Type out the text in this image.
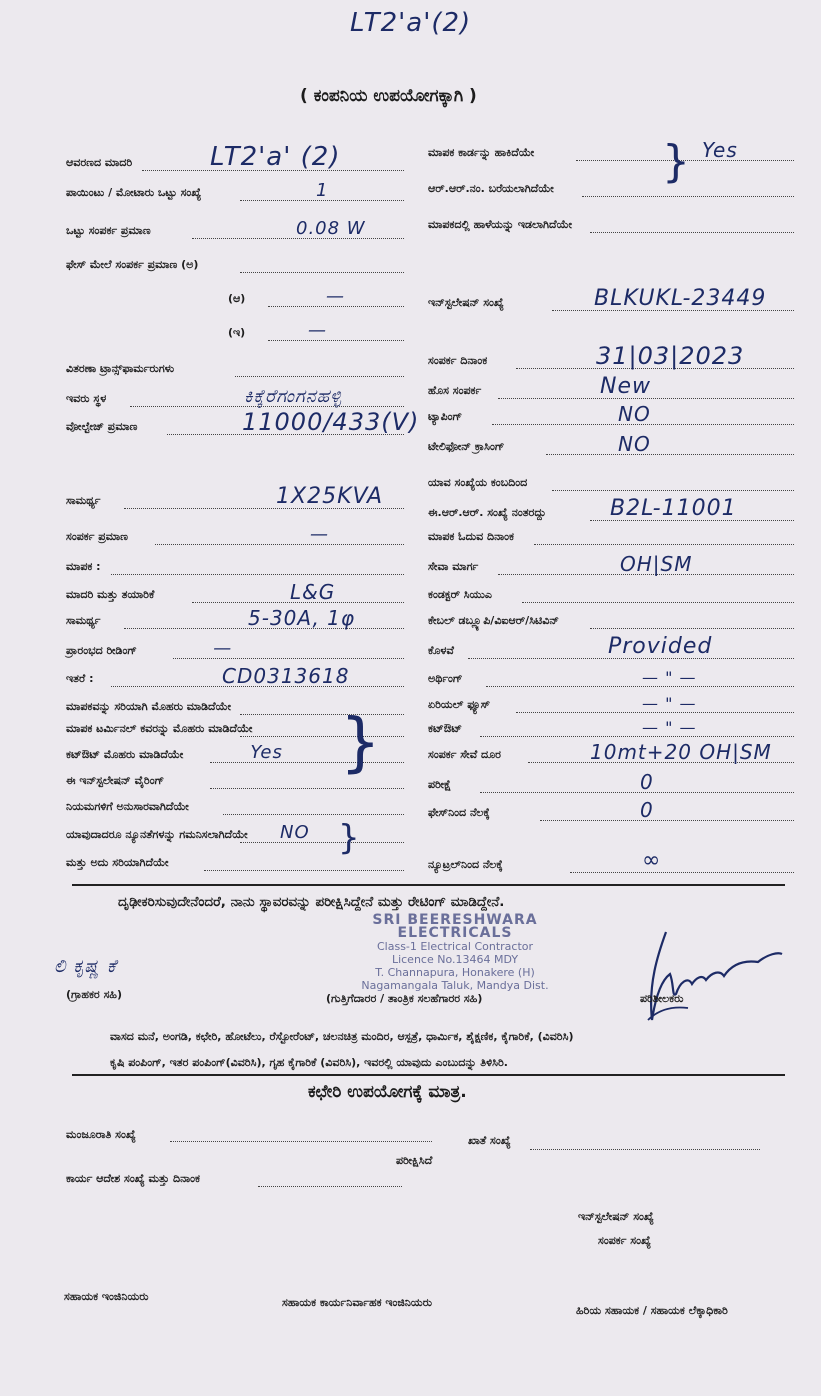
LT2'a'(2)
( ಕಂಪನಿಯ ಉಪಯೋಗಕ್ಕಾಗಿ )
ಆವರಣದ ಮಾದರಿ	LT2'a' (2)
ಪಾಯಿಂಟು / ಮೋಟಾರು ಒಟ್ಟು ಸಂಖ್ಯೆ	1
ಒಟ್ಟು ಸಂಪರ್ಕ ಪ್ರಮಾಣ	0.08 W
ಫೇಸ್ ಮೇಲೆ ಸಂಪರ್ಕ ಪ್ರಮಾಣ (ಅ)
(ಆ)	—
(ಇ)	—
ವಿತರಣಾ ಟ್ರಾನ್ಸ್‌ಫಾರ್ಮರುಗಳು
ಇವರು ಸ್ಥಳ	ಕಿಕ್ಕೆರೆಗಂಗನಹಳ್ಳಿ
ವೋಲ್ಟೇಜ್ ಪ್ರಮಾಣ	11000/433(V)
ಸಾಮರ್ಥ್ಯ	1X25KVA
ಸಂಪರ್ಕ ಪ್ರಮಾಣ	—
ಮಾಪಕ :
ಮಾದರಿ ಮತ್ತು ತಯಾರಿಕೆ	L&G
ಸಾಮರ್ಥ್ಯ	5-30A, 1φ
ಪ್ರಾರಂಭದ ರೀಡಿಂಗ್	—
ಇತರೆ :	CD0313618
ಮಾಪಕವನ್ನು ಸರಿಯಾಗಿ ಮೊಹರು ಮಾಡಿದೆಯೇ
ಮಾಪಕ ಟರ್ಮಿನಲ್ ಕವರನ್ನು ಮೊಹರು ಮಾಡಿದೆಯೇ
ಕಟ್‌ಔಟ್ ಮೊಹರು ಮಾಡಿದೆಯೇ	Yes
ಈ ಇನ್‌ಸ್ಟಲೇಷನ್ ವೈರಿಂಗ್
ನಿಯಮಗಳಿಗೆ ಅನುಸಾರವಾಗಿದೆಯೇ
ಯಾವುದಾದರೂ ನ್ಯೂನತೆಗಳನ್ನು ಗಮನಿಸಲಾಗಿದೆಯೇ NO
ಮತ್ತು ಅದು ಸರಿಯಾಗಿದೆಯೇ
ಮಾಪಕ ಕಾರ್ಡನ್ನು ಹಾಕಿದೆಯೇ	Yes
ಆರ್.ಆರ್.ನಂ. ಬರೆಯಲಾಗಿದೆಯೇ
ಮಾಪಕದಲ್ಲಿ ಹಾಳೆಯನ್ನು ಇಡಲಾಗಿದೆಯೇ
ಇನ್‌ಸ್ಟಲೇಷನ್ ಸಂಖ್ಯೆ	BLKUKL-23449
ಸಂಪರ್ಕ ದಿನಾಂಕ	31|03|2023
ಹೊಸ ಸಂಪರ್ಕ	New
ಟ್ಯಾಪಿಂಗ್	NO
ಟೇಲಿಫೋನ್ ಕ್ರಾಸಿಂಗ್	NO
ಯಾವ ಸಂಖ್ಯೆಯ ಕಂಬದಿಂದ
ಈ.ಆರ್.ಆರ್. ಸಂಖ್ಯೆ ನಂತರದ್ದು	B2L-11001
ಮಾಪಕ ಓದುವ ದಿನಾಂಕ
ಸೇವಾ ಮಾರ್ಗ	OH|SM
ಕಂಡಕ್ಟರ್ ಸಿಯುಎ
ಕೇಬಲ್ ಡಬ್ಲ್ಯೂಪಿ/ವಿಐಆರ್/ಸಿಟಿವಿನ್
ಕೊಳವೆ	Provided
ಅರ್ಥಿಂಗ್	— " —
ಏರಿಯಲ್ ಫ್ಯೂಸ್	— " —
ಕಟ್‌ಔಟ್	— " —
ಸಂಪರ್ಕ ಸೇವೆ ದೂರ	10mt+20 OH|SM
ಪರೀಕ್ಷೆ	0
ಫೇಸ್‌ನಿಂದ ನೆಲಕ್ಕೆ	0
ನ್ಯೂಟ್ರಲ್‌ನಿಂದ ನೆಲಕ್ಕೆ	∞
}
}
}
ದೃಢೀಕರಿಸುವುದೇನೆಂದರೆ, ನಾನು ಸ್ಥಾವರವನ್ನು ಪರೀಕ್ಷಿಸಿದ್ದೇನೆ ಮತ್ತು ರೇಟಿಂಗ್ ಮಾಡಿದ್ದೇನೆ.
SRI BEERESHWARA ELECTRICALS
Class-1 Electrical Contractor
Licence No.13464 MDY
T. Channapura, Honakere (H)
Nagamangala Taluk, Mandya Dist.
ಲಿ ಕೃಷ್ಣ ಕೆ
(ಗ್ರಾಹಕರ ಸಹಿ)	(ಗುತ್ತಿಗೆದಾರರ / ತಾಂತ್ರಿಕ ಸಲಹೆಗಾರರ ಸಹಿ)	ಪರಿಶೀಲಕರು
ವಾಸದ ಮನೆ, ಅಂಗಡಿ, ಕಛೇರಿ, ಹೋಟೆಲು, ರೆಸ್ಟೋರೆಂಟ್, ಚಲನಚಿತ್ರ ಮಂದಿರ, ಆಸ್ಪತ್ರೆ, ಧಾರ್ಮಿಕ, ಶೈಕ್ಷಣಿಕ, ಕೈಗಾರಿಕೆ, (ವಿವರಿಸಿ)
ಕೃಷಿ ಪಂಪಿಂಗ್, ಇತರ ಪಂಪಿಂಗ್(ವಿವರಿಸಿ), ಗೃಹ ಕೈಗಾರಿಕೆ (ವಿವರಿಸಿ), ಇವರಲ್ಲಿ ಯಾವುದು ಎಂಬುದನ್ನು ತಿಳಿಸಿರಿ.
ಕಛೇರಿ ಉಪಯೋಗಕ್ಕೆ ಮಾತ್ರ.
ಮಂಜೂರಾತಿ ಸಂಖ್ಯೆ	ಖಾತೆ ಸಂಖ್ಯೆ
ಪರೀಕ್ಷಿಸಿದೆ
ಕಾರ್ಯ ಆದೇಶ ಸಂಖ್ಯೆ ಮತ್ತು ದಿನಾಂಕ
ಇನ್‌ಸ್ಟಲೇಷನ್ ಸಂಖ್ಯೆ
ಸಂಪರ್ಕ ಸಂಖ್ಯೆ
ಸಹಾಯಕ ಇಂಜಿನಿಯರು	ಸಹಾಯಕ ಕಾರ್ಯನಿರ್ವಾಹಕ ಇಂಜಿನಿಯರು
ಹಿರಿಯ ಸಹಾಯಕ / ಸಹಾಯಕ ಲೆಕ್ಕಾಧಿಕಾರಿ
